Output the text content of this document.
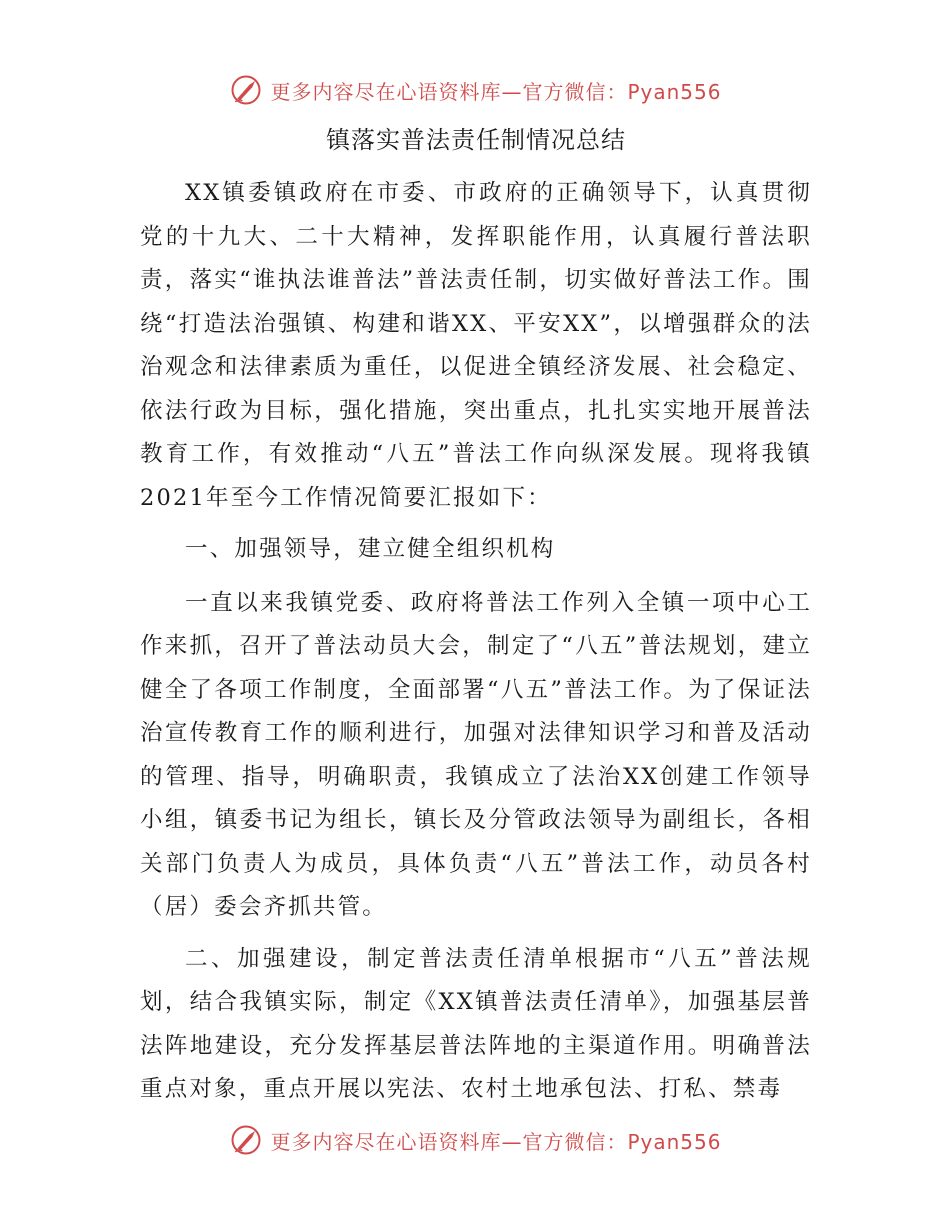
更多内容尽在心语资料库—官方微信：Pyan556
镇落实普法责任制情况总结

XX镇委镇政府在市委、市政府的正确领导下，认真贯彻党的十九大、二十大精神，发挥职能作用，认真履行普法职责，落实“谁执法谁普法”普法责任制，切实做好普法工作。围绕“打造法治强镇、构建和谐XX、平安XX”，以增强群众的法治观念和法律素质为重任，以促进全镇经济发展、社会稳定、依法行政为目标，强化措施，突出重点，扎扎实实地开展普法教育工作，有效推动“八五”普法工作向纵深发展。现将我镇2021年至今工作情况简要汇报如下：

一、加强领导，建立健全组织机构

一直以来我镇党委、政府将普法工作列入全镇一项中心工作来抓，召开了普法动员大会，制定了“八五”普法规划，建立健全了各项工作制度，全面部署“八五”普法工作。为了保证法治宣传教育工作的顺利进行，加强对法律知识学习和普及活动的管理、指导，明确职责，我镇成立了法治XX创建工作领导小组，镇委书记为组长，镇长及分管政法领导为副组长，各相关部门负责人为成员，具体负责“八五”普法工作，动员各村（居）委会齐抓共管。

二、加强建设，制定普法责任清单根据市“八五”普法规划，结合我镇实际，制定《XX镇普法责任清单》，加强基层普法阵地建设，充分发挥基层普法阵地的主渠道作用。明确普法重点对象，重点开展以宪法、农村土地承包法、打私、禁毒

更多内容尽在心语资料库—官方微信：Pyan556
